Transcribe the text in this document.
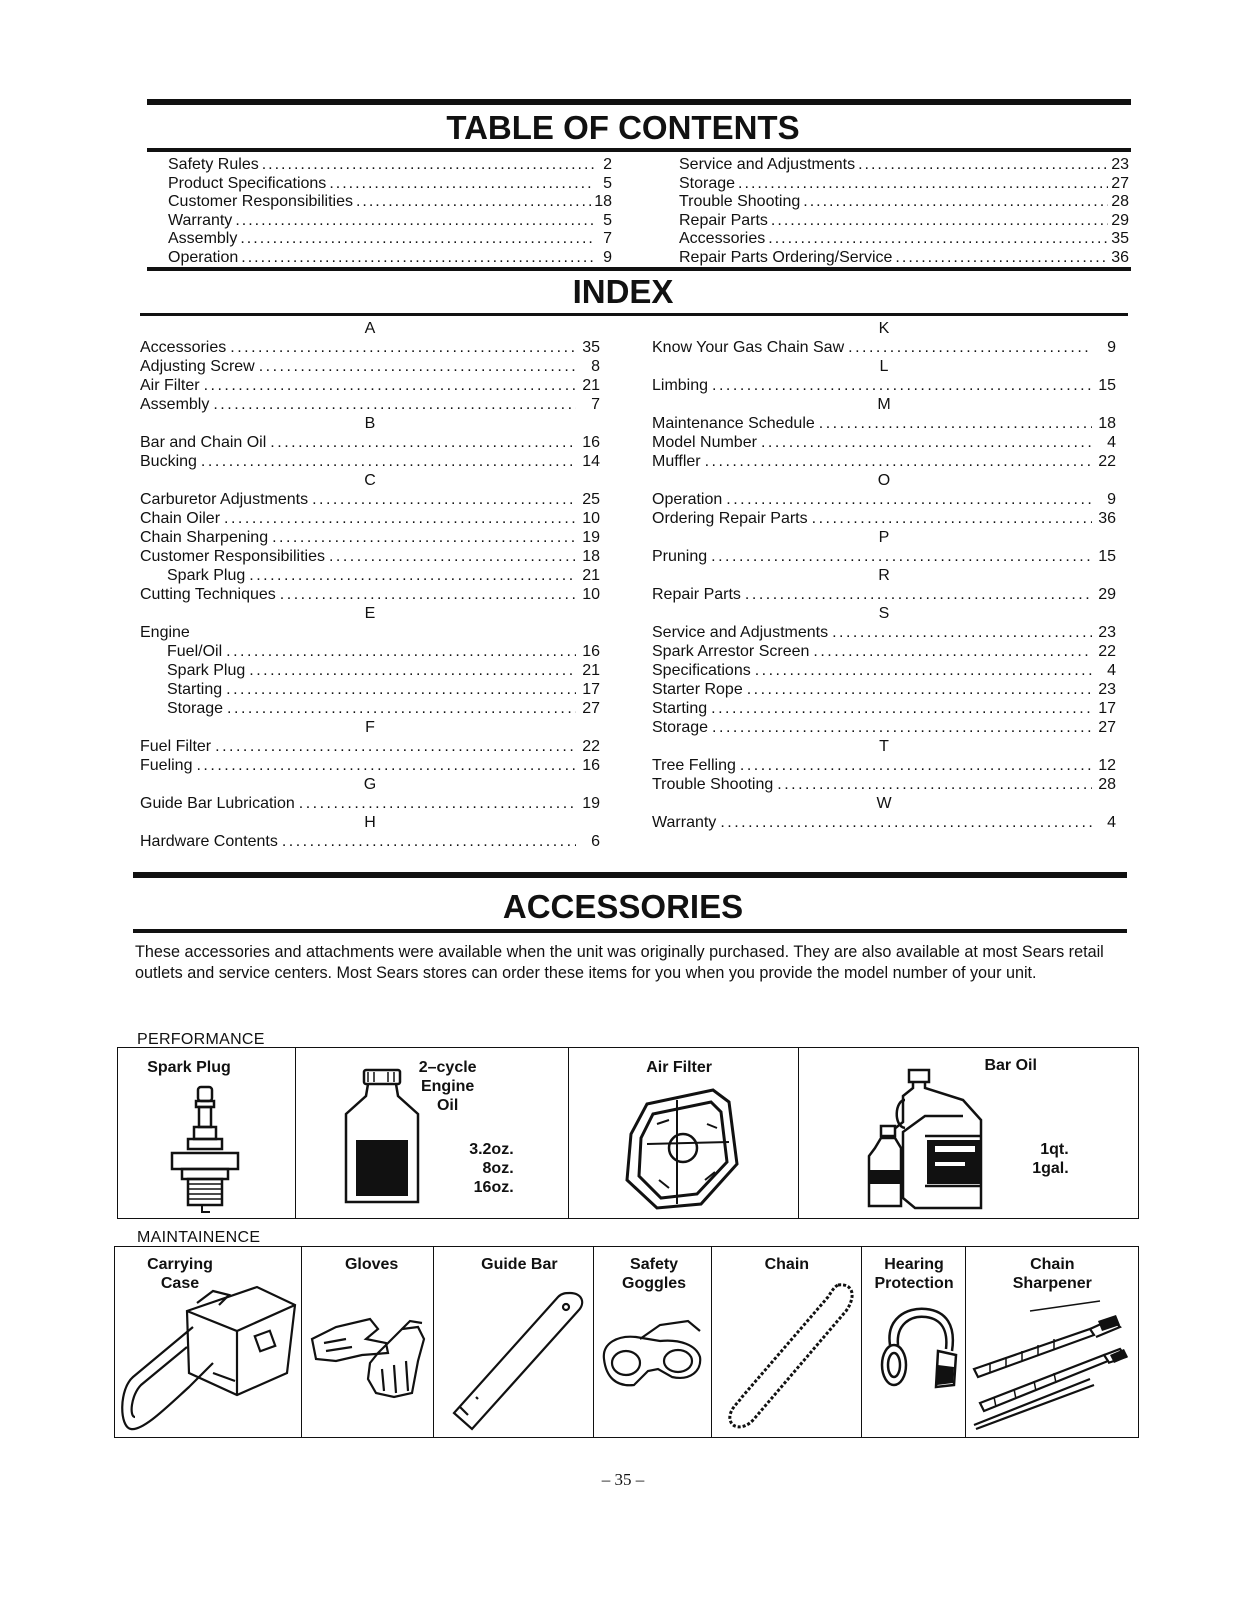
TABLE OF CONTENTS
Safety Rules .....	2
Product Specifications .....	5
Customer Responsibilities .....	18
Warranty .....	5
Assembly .....	7
Operation .....	9
Service and Adjustments .....	23
Storage .....	27
Trouble Shooting .....	28
Repair Parts .....	29
Accessories .....	35
Repair Parts Ordering/Service .....	36
INDEX
A
Accessories .....	35
Adjusting Screw .....	8
Air Filter .....	21
Assembly .....	7
B
Bar and Chain Oil .....	16
Bucking .....	14
C
Carburetor Adjustments .....	25
Chain Oiler .....	10
Chain Sharpening .....	19
Customer Responsibilities .....	18
Spark Plug .....	21
Cutting Techniques .....	10
E
Engine
Fuel/Oil .....	16
Spark Plug .....	21
Starting .....	17
Storage .....	27
F
Fuel Filter .....	22
Fueling .....	16
G
Guide Bar Lubrication .....	19
H
Hardware Contents .....	6
K
Know Your Gas Chain Saw .....	9
L
Limbing .....	15
M
Maintenance Schedule .....	18
Model Number .....	4
Muffler .....	22
O
Operation .....	9
Ordering Repair Parts .....	36
P
Pruning .....	15
R
Repair Parts .....	29
S
Service and Adjustments .....	23
Spark Arrestor Screen .....	22
Specifications .....	4
Starter Rope .....	23
Starting .....	17
Storage .....	27
T
Tree Felling .....	12
Trouble Shooting .....	28
W
Warranty .....	4
ACCESSORIES
These accessories and attachments were available when the unit was originally purchased. They are also available at most Sears retail outlets and service centers. Most Sears stores can order these items for you when you provide the model number of your unit.
PERFORMANCE
Spark Plug	2–cycle
Engine
Oil
3.2oz.
8oz.
16oz.
Air Filter	Bar Oil
1qt.
1gal.
MAINTAINENCE
Carrying
Case
Gloves	Guide Bar	Safety
Goggles
Chain	Hearing
Protection
Chain
Sharpener
– 35 –
